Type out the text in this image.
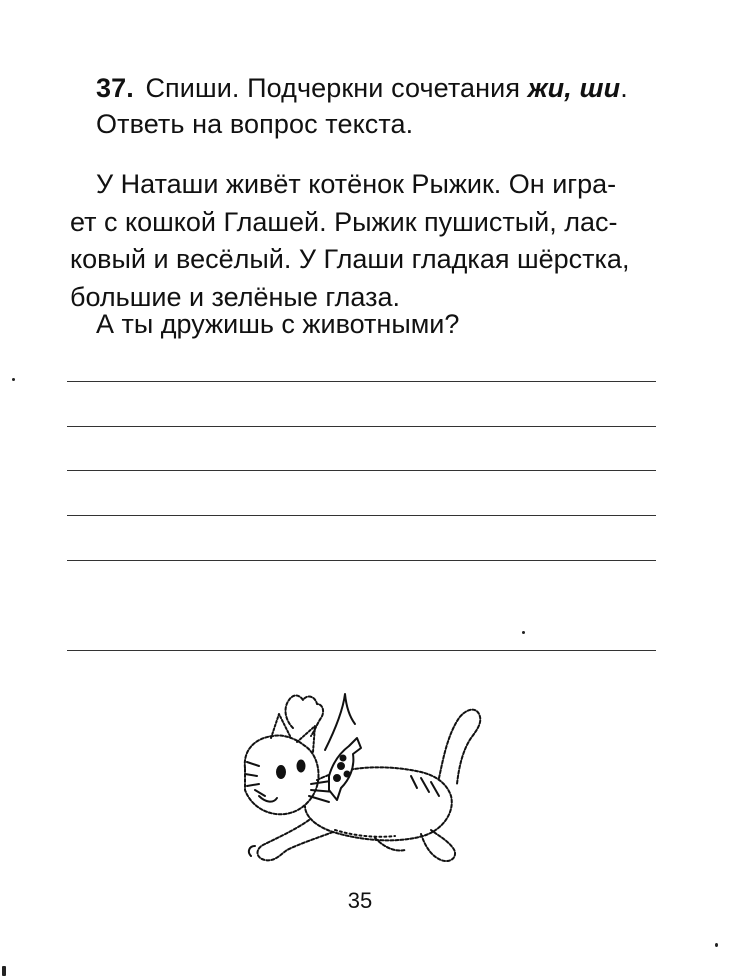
37. Спиши. Подчеркни сочетания жи, ши. Ответь на вопрос текста.
У Наташи живёт котёнок Рыжик. Он игра-
ет с кошкой Глашей. Рыжик пушистый, лас-
ковый и весёлый. У Глаши гладкая шёрстка,
большие и зелёные глаза.
А ты дружишь с животными?
35
